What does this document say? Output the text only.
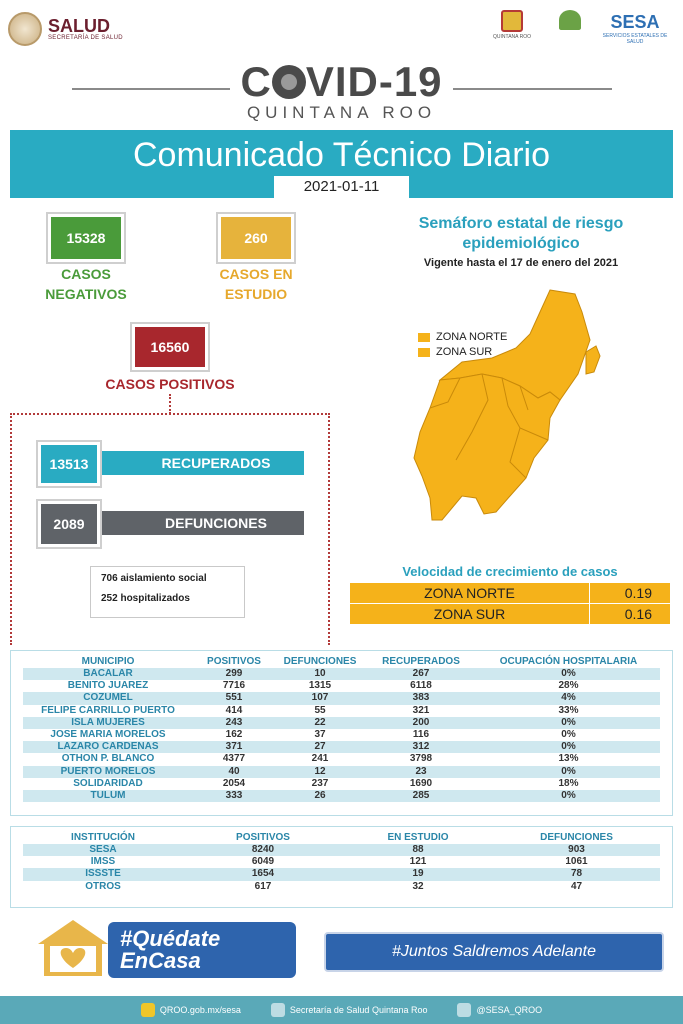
SALUD
SECRETARÍA DE SALUD	QUINTANA ROO
SESA
SERVICIOS ESTATALES DE SALUD
C VID-19
QUINTANA ROO
Comunicado Técnico Diario
2021-01-11
15328
CASOS
NEGATIVOS
260
CASOS EN
ESTUDIO
16560
CASOS POSITIVOS
RECUPERADOS
13513
DEFUNCIONES
2089
706 aislamiento social
252 hospitalizados
Semáforo estatal de riesgo epidemiológico
Vigente hasta el 17 de enero del 2021
ZONA NORTE
ZONA SUR
Velocidad de crecimiento de casos
ZONA NORTE	0.19
ZONA SUR	0.16
MUNICIPIO	POSITIVOS	DEFUNCIONES	RECUPERADOS	OCUPACIÓN HOSPITALARIA
BACALAR	299	10	267	0%
BENITO JUAREZ	7716	1315	6118	28%
COZUMEL	551	107	383	4%
FELIPE CARRILLO PUERTO	414	55	321	33%
ISLA MUJERES	243	22	200	0%
JOSE MARIA MORELOS	162	37	116	0%
LAZARO CARDENAS	371	27	312	0%
OTHON P. BLANCO	4377	241	3798	13%
PUERTO MORELOS	40	12	23	0%
SOLIDARIDAD	2054	237	1690	18%
TULUM	333	26	285	0%
INSTITUCIÓN	POSITIVOS	EN ESTUDIO	DEFUNCIONES
SESA	8240	88	903
IMSS	6049	121	1061
ISSSTE	1654	19	78
OTROS	617	32	47
#Quédate
EnCasa	#Juntos Saldremos Adelante
QROO.gob.mx/sesa	Secretaría de Salud Quintana Roo	@SESA_QROO
